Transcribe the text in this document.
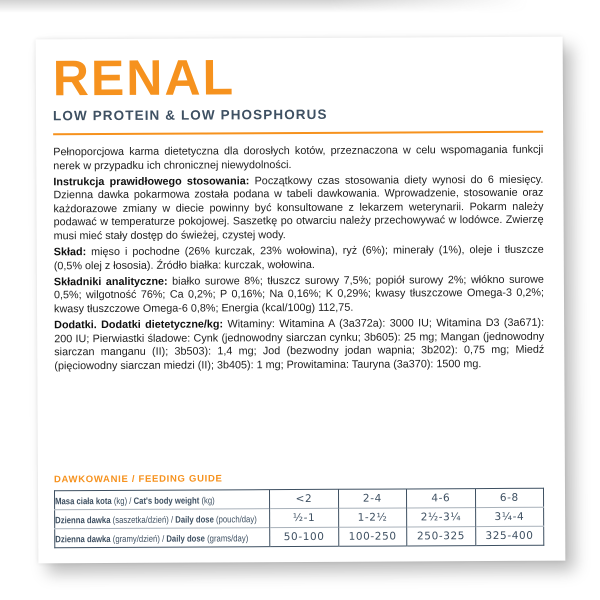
RENAL
LOW PROTEIN & LOW PHOSPHORUS

Pełnoporcjowa karma dietetyczna dla dorosłych kotów, przeznaczona w celu wspomagania funkcji nerek w przypadku ich chronicznej niewydolności.

Instrukcja prawidłowego stosowania: Początkowy czas stosowania diety wynosi do 6 miesięcy. Dzienna dawka pokarmowa została podana w tabeli dawkowania. Wprowadzenie, stosowanie oraz każdorazowe zmiany w diecie powinny być konsultowane z lekarzem weterynarii. Pokarm należy podawać w temperaturze pokojowej. Saszetkę po otwarciu należy przechowywać w lodówce. Zwierzę musi mieć stały dostęp do świeżej, czystej wody.

Skład: mięso i pochodne (26% kurczak, 23% wołowina), ryż (6%); minerały (1%), oleje i tłuszcze (0,5% olej z łososia). Źródło białka: kurczak, wołowina.

Składniki analityczne: białko surowe 8%; tłuszcz surowy 7,5%; popiół surowy 2%; włókno surowe 0,5%; wilgotność 76%; Ca 0,2%; P 0,16%; Na 0,16%; K 0,29%; kwasy tłuszczowe Omega-3 0,2%; kwasy tłuszczowe Omega-6 0,8%; Energia (kcal/100g) 112,75.

Dodatki. Dodatki dietetyczne/kg: Witaminy: Witamina A (3a372a): 3000 IU; Witamina D3 (3a671): 200 IU; Pierwiastki śladowe: Cynk (jednowodny siarczan cynku; 3b605): 25 mg; Mangan (jednowodny siarczan manganu (II); 3b503): 1,4 mg; Jod (bezwodny jodan wapnia; 3b202): 0,75 mg; Miedź (pięciowodny siarczan miedzi (II); 3b405): 1 mg; Prowitamina: Tauryna (3a370): 1500 mg.

DAWKOWANIE / FEEDING GUIDE
Masa ciała kota (kg) / Cat's body weight (kg)	<2	2-4	4-6	6-8
Dzienna dawka (saszetka/dzień) / Daily dose (pouch/day)	½-1	1-2½	2½-3¼	3¼-4
Dzienna dawka (gramy/dzień) / Daily dose (grams/day)	50-100	100-250	250-325	325-400
